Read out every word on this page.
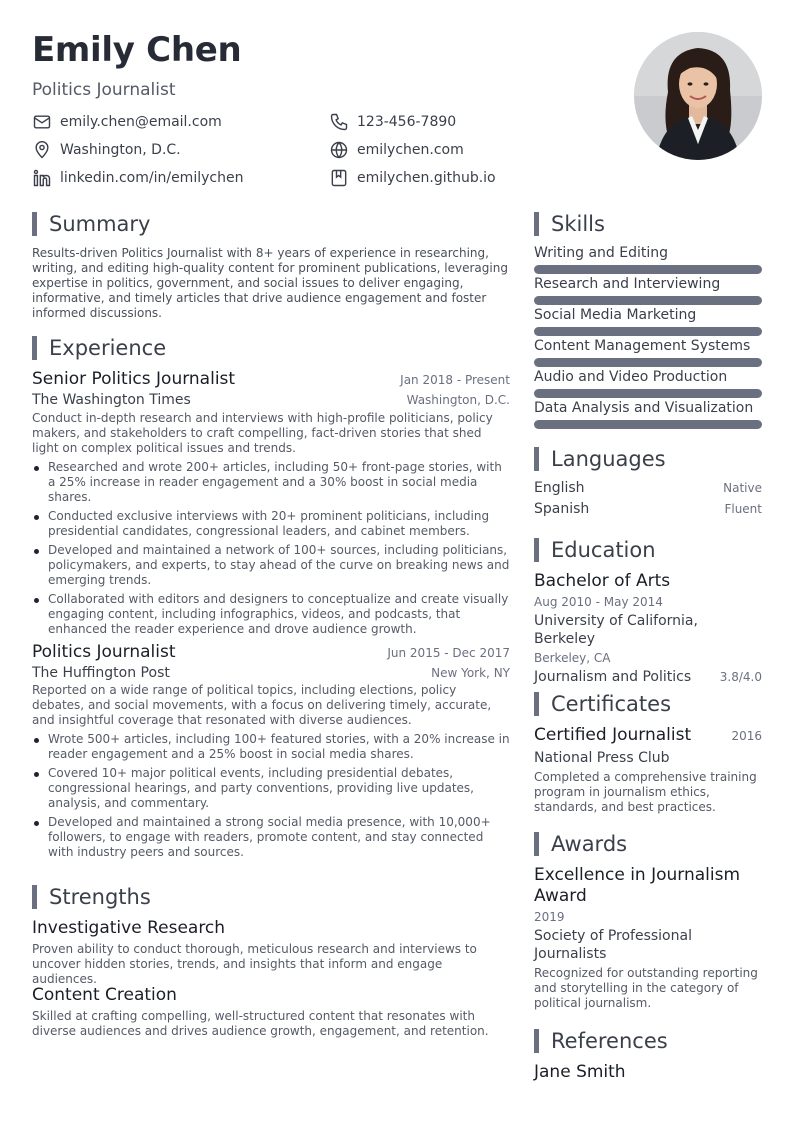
Emily Chen
Politics Journalist
emily.chen@email.com	123-456-7890
Washington, D.C.	emilychen.com
linkedin.com/in/emilychen	emilychen.github.io
Summary
Results-driven Politics Journalist with 8+ years of experience in researching, writing, and editing high-quality content for prominent publications, leveraging expertise in politics, government, and social issues to deliver engaging, informative, and timely articles that drive audience engagement and foster informed discussions.
Experience
Senior Politics Journalist	Jan 2018 - Present
The Washington Times	Washington, D.C.
Conduct in-depth research and interviews with high-profile politicians, policy makers, and stakeholders to craft compelling, fact-driven stories that shed light on complex political issues and trends.
Researched and wrote 200+ articles, including 50+ front-page stories, with a 25% increase in reader engagement and a 30% boost in social media shares.
Conducted exclusive interviews with 20+ prominent politicians, including presidential candidates, congressional leaders, and cabinet members.
Developed and maintained a network of 100+ sources, including politicians, policymakers, and experts, to stay ahead of the curve on breaking news and emerging trends.
Collaborated with editors and designers to conceptualize and create visually engaging content, including infographics, videos, and podcasts, that enhanced the reader experience and drove audience growth.
Politics Journalist	Jun 2015 - Dec 2017
The Huffington Post	New York, NY
Reported on a wide range of political topics, including elections, policy debates, and social movements, with a focus on delivering timely, accurate, and insightful coverage that resonated with diverse audiences.
Wrote 500+ articles, including 100+ featured stories, with a 20% increase in reader engagement and a 25% boost in social media shares.
Covered 10+ major political events, including presidential debates, congressional hearings, and party conventions, providing live updates, analysis, and commentary.
Developed and maintained a strong social media presence, with 10,000+ followers, to engage with readers, promote content, and stay connected with industry peers and sources.
Strengths
Investigative Research
Proven ability to conduct thorough, meticulous research and interviews to uncover hidden stories, trends, and insights that inform and engage audiences.
Content Creation
Skilled at crafting compelling, well-structured content that resonates with diverse audiences and drives audience growth, engagement, and retention.
Skills
Writing and Editing
Research and Interviewing
Social Media Marketing
Content Management Systems
Audio and Video Production
Data Analysis and Visualization
Languages
English	Native
Spanish	Fluent
Education
Bachelor of Arts
Aug 2010 - May 2014
University of California, Berkeley
Berkeley, CA
Journalism and Politics 3.8/4.0
Certificates
Certified Journalist	2016
National Press Club
Completed a comprehensive training program in journalism ethics, standards, and best practices.
Awards
Excellence in Journalism Award
2019
Society of Professional Journalists
Recognized for outstanding reporting and storytelling in the category of political journalism.
References
Jane Smith
